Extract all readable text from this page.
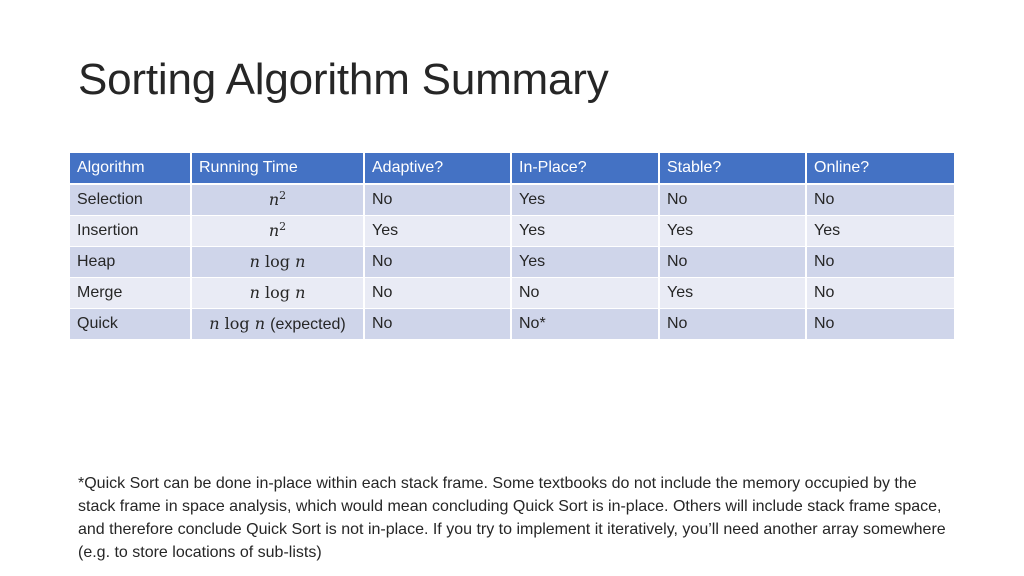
Sorting Algorithm Summary
Algorithm	Running Time	Adaptive?	In-Place?	Stable?	Online?
Selection	$n^2$	No	Yes	No	No
Insertion	$n^2$	Yes	Yes	Yes	Yes
Heap	n log n	No	Yes	No	No
Merge	n log n	No	No	Yes	No
Quick	n log n (expected)	No	No*	No	No

*Quick Sort can be done in-place within each stack frame. Some textbooks do not include the memory occupied by the stack frame in space analysis, which would mean concluding Quick Sort is in-place. Others will include stack frame space, and therefore conclude Quick Sort is not in-place. If you try to implement it iteratively, you’ll need another array somewhere (e.g. to store locations of sub-lists)
